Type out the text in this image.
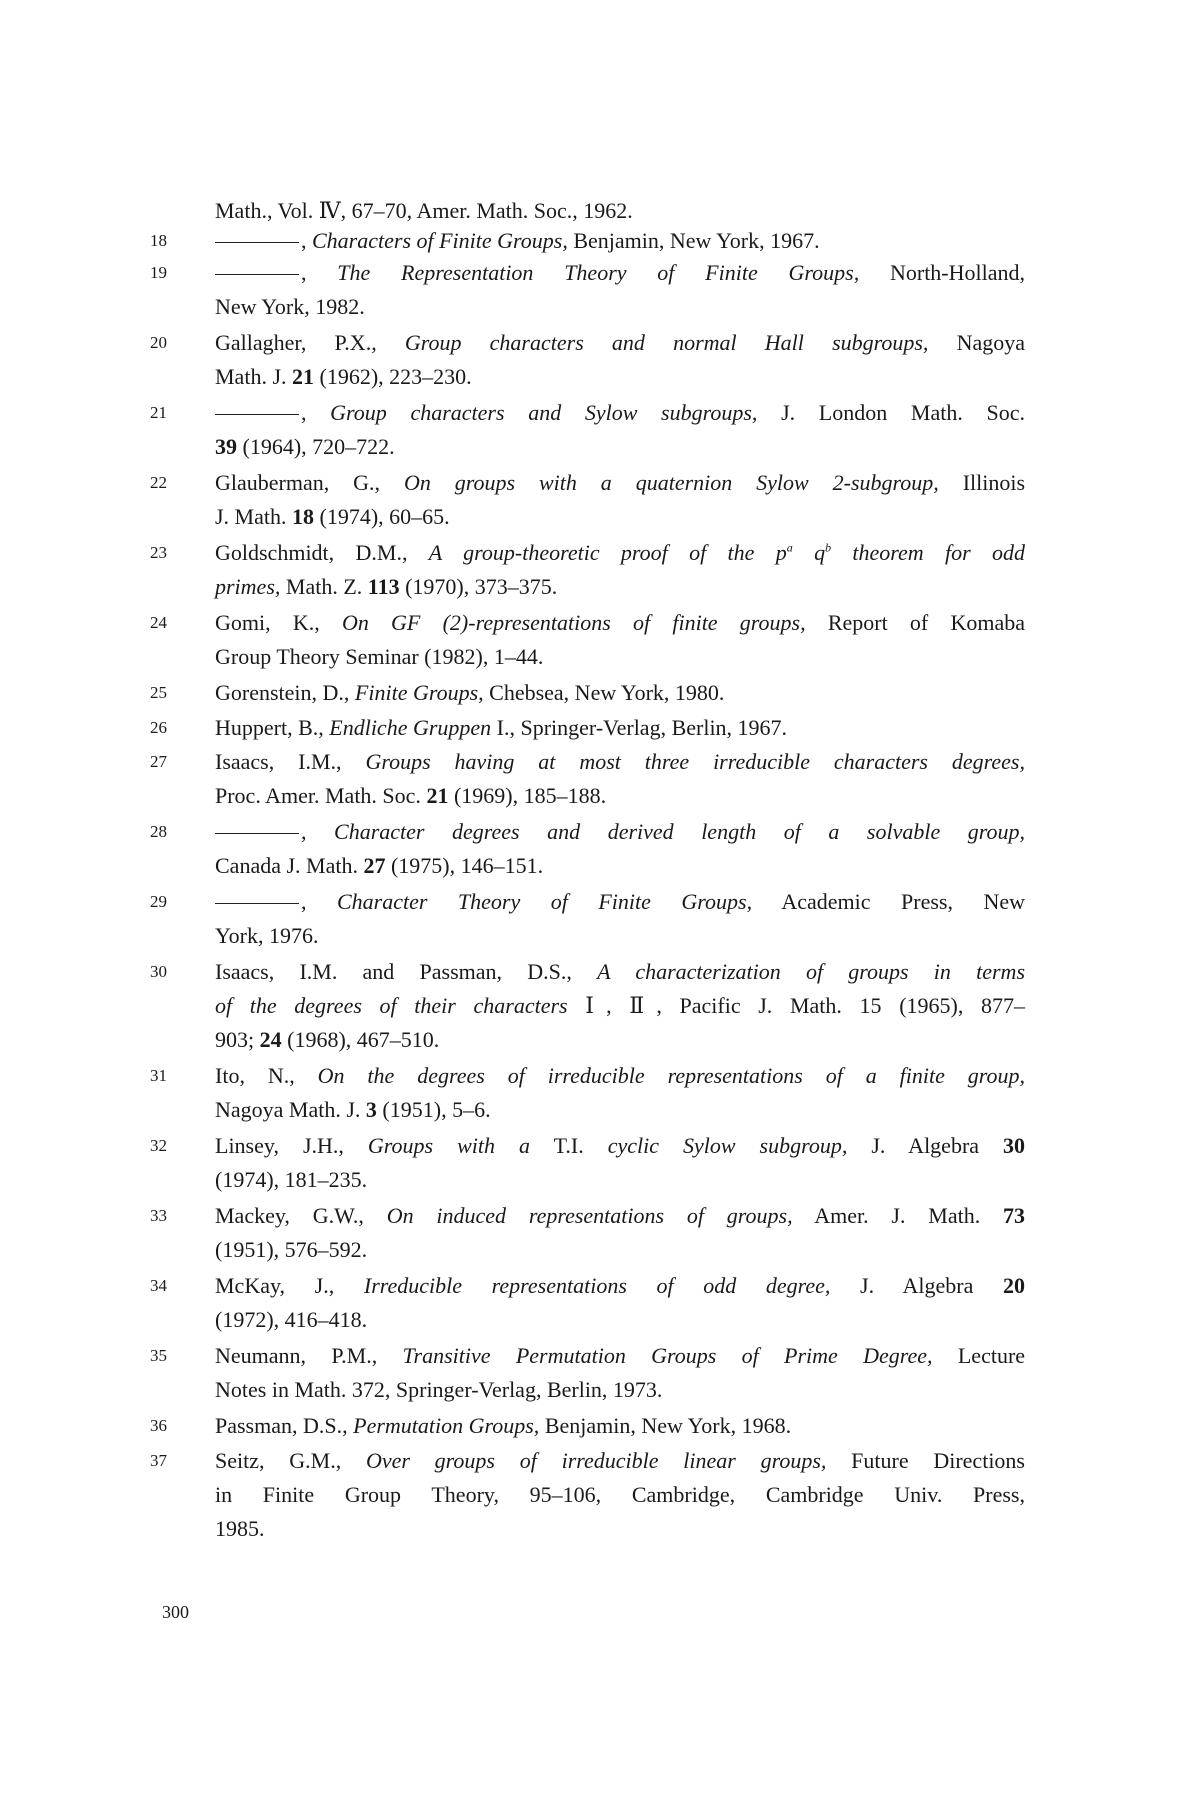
Math., Vol. Ⅳ, 67–70, Amer. Math. Soc., 1962.
18	, Characters of Finite Groups, Benjamin, New York, 1967.
19	, The Representation Theory of Finite Groups, North-Holland,
New York, 1982.
20	Gallagher, P.X., Group characters and normal Hall subgroups, Nagoya
Math. J. 21 (1962), 223–230.
21	, Group characters and Sylow subgroups, J. London Math. Soc.
39 (1964), 720–722.
22	Glauberman, G., On groups with a quaternion Sylow 2-subgroup, Illinois
J. Math. 18 (1974), 60–65.
23	Goldschmidt, D.M., A group-theoretic proof of the $p^a$ $q^b$ theorem for odd
primes, Math. Z. 113 (1970), 373–375.
24	Gomi, K., On GF (2)-representations of finite groups, Report of Komaba
Group Theory Seminar (1982), 1–44.
25	Gorenstein, D., Finite Groups, Chebsea, New York, 1980.
26	Huppert, B., Endliche Gruppen I., Springer-Verlag, Berlin, 1967.
27	Isaacs, I.M., Groups having at most three irreducible characters degrees,
Proc. Amer. Math. Soc. 21 (1969), 185–188.
28	, Character degrees and derived length of a solvable group,
Canada J. Math. 27 (1975), 146–151.
29	, Character Theory of Finite Groups, Academic Press, New
York, 1976.
30	Isaacs, I.M. and Passman, D.S., A characterization of groups in terms
of the degrees of their characters Ⅰ, Ⅱ, Pacific J. Math. 15 (1965), 877–
903; 24 (1968), 467–510.
31	Ito, N., On the degrees of irreducible representations of a finite group,
Nagoya Math. J. 3 (1951), 5–6.
32	Linsey, J.H., Groups with a T.I. cyclic Sylow subgroup, J. Algebra 30
(1974), 181–235.
33	Mackey, G.W., On induced representations of groups, Amer. J. Math. 73
(1951), 576–592.
34	McKay, J., Irreducible representations of odd degree, J. Algebra 20
(1972), 416–418.
35	Neumann, P.M., Transitive Permutation Groups of Prime Degree, Lecture
Notes in Math. 372, Springer-Verlag, Berlin, 1973.
36	Passman, D.S., Permutation Groups, Benjamin, New York, 1968.
37	Seitz, G.M., Over groups of irreducible linear groups, Future Directions
in Finite Group Theory, 95–106, Cambridge, Cambridge Univ. Press,
1985.
300
